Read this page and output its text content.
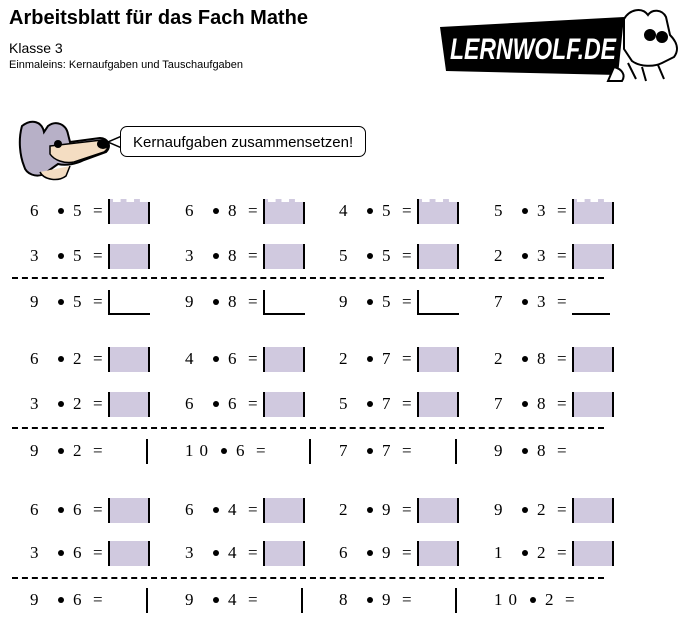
Arbeitsblatt für das Fach Mathe
Klasse 3
Einmaleins: Kernaufgaben und Tauschaufgaben	LERNWOLF.DE
Kernaufgaben zusammensetzen!
6 5 =	6 8 =	4 5 =	5 3 =
3 5 =	3 8 =	5 5 =	2 3 =
9 5 =	9 8 =	9 5 =	7 3 =
6 2 =	4 6 =	2 7 =	2 8 =
3 2 =	6 6 =	5 7 =	7 8 =
9 2 =	10 6 =	7 7 =	9 8 =
6 6 =	6 4 =	2 9 =	9 2 =
3 6 =	3 4 =	6 9 =	1 2 =
9 6 =	9 4 =	8 9 =	10 2 =
